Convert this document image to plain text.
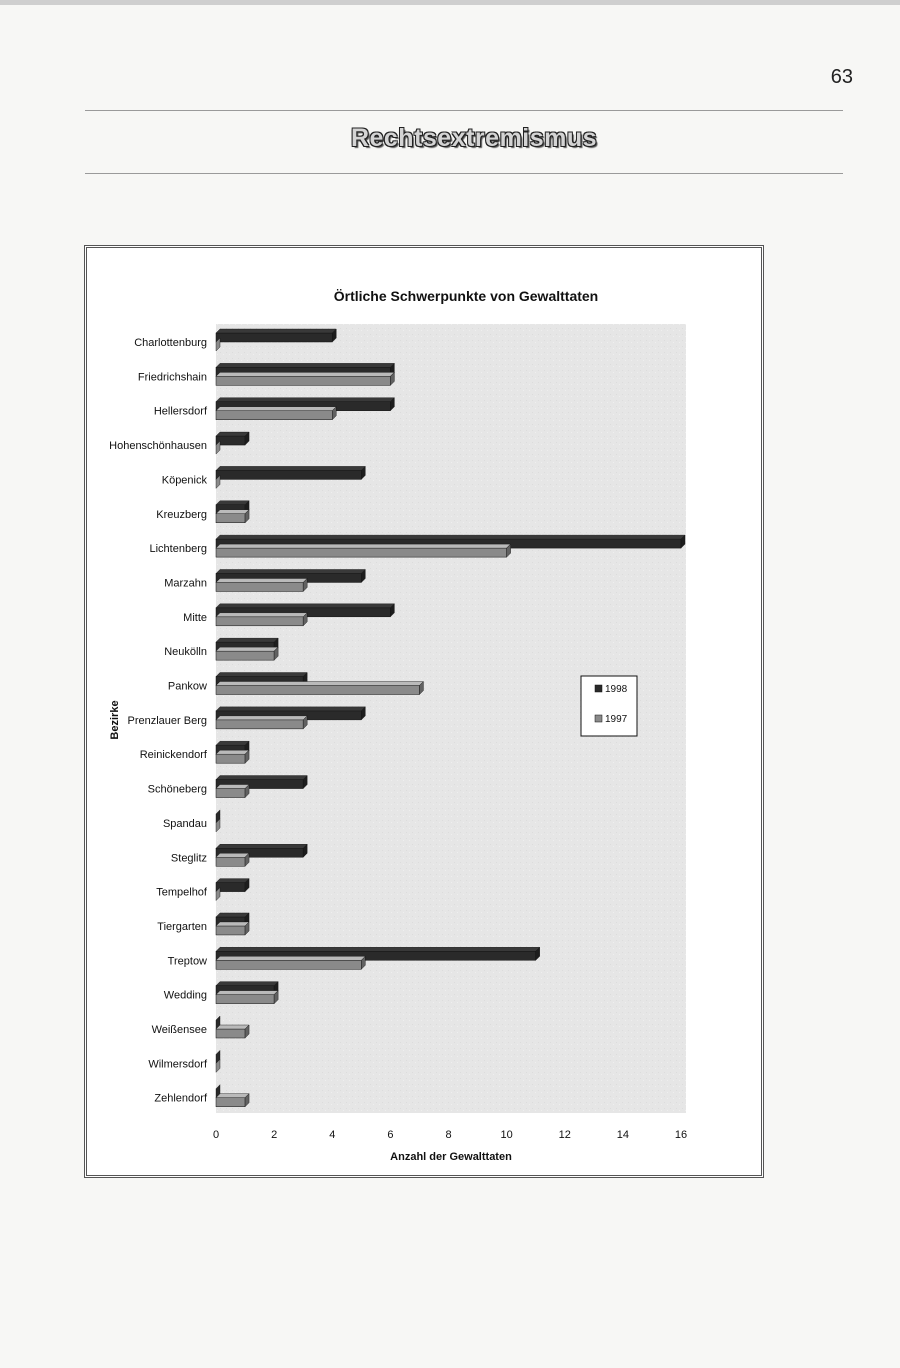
63
Rechtsextremismus
Örtliche Schwerpunkte von Gewalttaten
Bezirke
Anzahl der Gewalttaten
Charlottenburg
Friedrichshain
Hellersdorf
Hohenschönhausen
Köpenick
Kreuzberg
Lichtenberg
Marzahn
Mitte
Neukölln
Pankow
Prenzlauer Berg
Reinickendorf
Schöneberg
Spandau
Steglitz
Tempelhof
Tiergarten
Treptow
Wedding
Weißensee
Wilmersdorf
Zehlendorf
0	2	4	6	8	10	12	14	16
1998
1997
